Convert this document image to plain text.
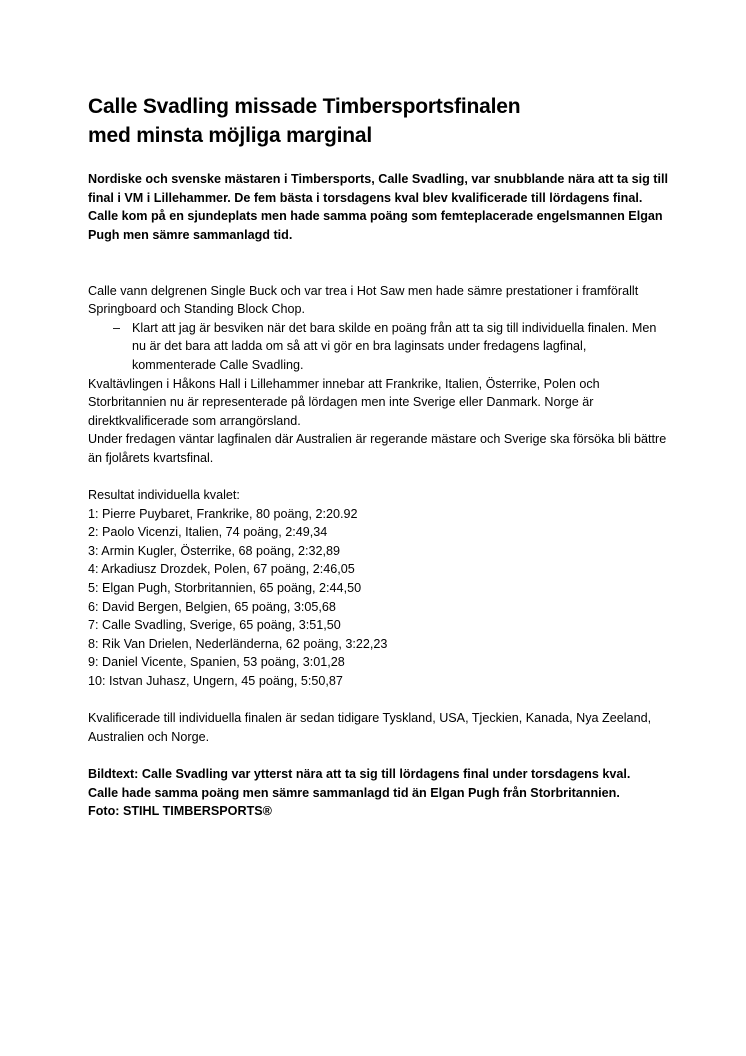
Calle Svadling missade Timbersportsfinalen
med minsta möjliga marginal

Nordiske och svenske mästaren i Timbersports, Calle Svadling, var snubblande nära att ta sig till final i VM i Lillehammer. De fem bästa i torsdagens kval blev kvalificerade till lördagens final. Calle kom på en sjundeplats men hade samma poäng som femteplacerade engelsmannen Elgan Pugh men sämre sammanlagd tid.

Calle vann delgrenen Single Buck och var trea i Hot Saw men hade sämre prestationer i framförallt Springboard och Standing Block Chop.

– Klart att jag är besviken när det bara skilde en poäng från att ta sig till individuella finalen. Men nu är det bara att ladda om så att vi gör en bra laginsats under fredagens lagfinal, kommenterade Calle Svadling.

Kvaltävlingen i Håkons Hall i Lillehammer innebar att Frankrike, Italien, Österrike, Polen och Storbritannien nu är representerade på lördagen men inte Sverige eller Danmark. Norge är direktkvalificerade som arrangörsland.

Under fredagen väntar lagfinalen där Australien är regerande mästare och Sverige ska försöka bli bättre än fjolårets kvartsfinal.

Resultat individuella kvalet:

1: Pierre Puybaret, Frankrike, 80 poäng, 2:20.92
2: Paolo Vicenzi, Italien, 74 poäng, 2:49,34
3: Armin Kugler, Österrike, 68 poäng, 2:32,89
4: Arkadiusz Drozdek, Polen, 67 poäng, 2:46,05
5: Elgan Pugh, Storbritannien, 65 poäng, 2:44,50
6: David Bergen, Belgien, 65 poäng, 3:05,68
7: Calle Svadling, Sverige, 65 poäng, 3:51,50
8: Rik Van Drielen, Nederländerna, 62 poäng, 3:22,23
9: Daniel Vicente, Spanien, 53 poäng, 3:01,28
10: Istvan Juhasz, Ungern, 45 poäng, 5:50,87

Kvalificerade till individuella finalen är sedan tidigare Tyskland, USA, Tjeckien, Kanada, Nya Zeeland, Australien och Norge.

Bildtext: Calle Svadling var ytterst nära att ta sig till lördagens final under torsdagens kval.

Calle hade samma poäng men sämre sammanlagd tid än Elgan Pugh från Storbritannien.

Foto: STIHL TIMBERSPORTS®
